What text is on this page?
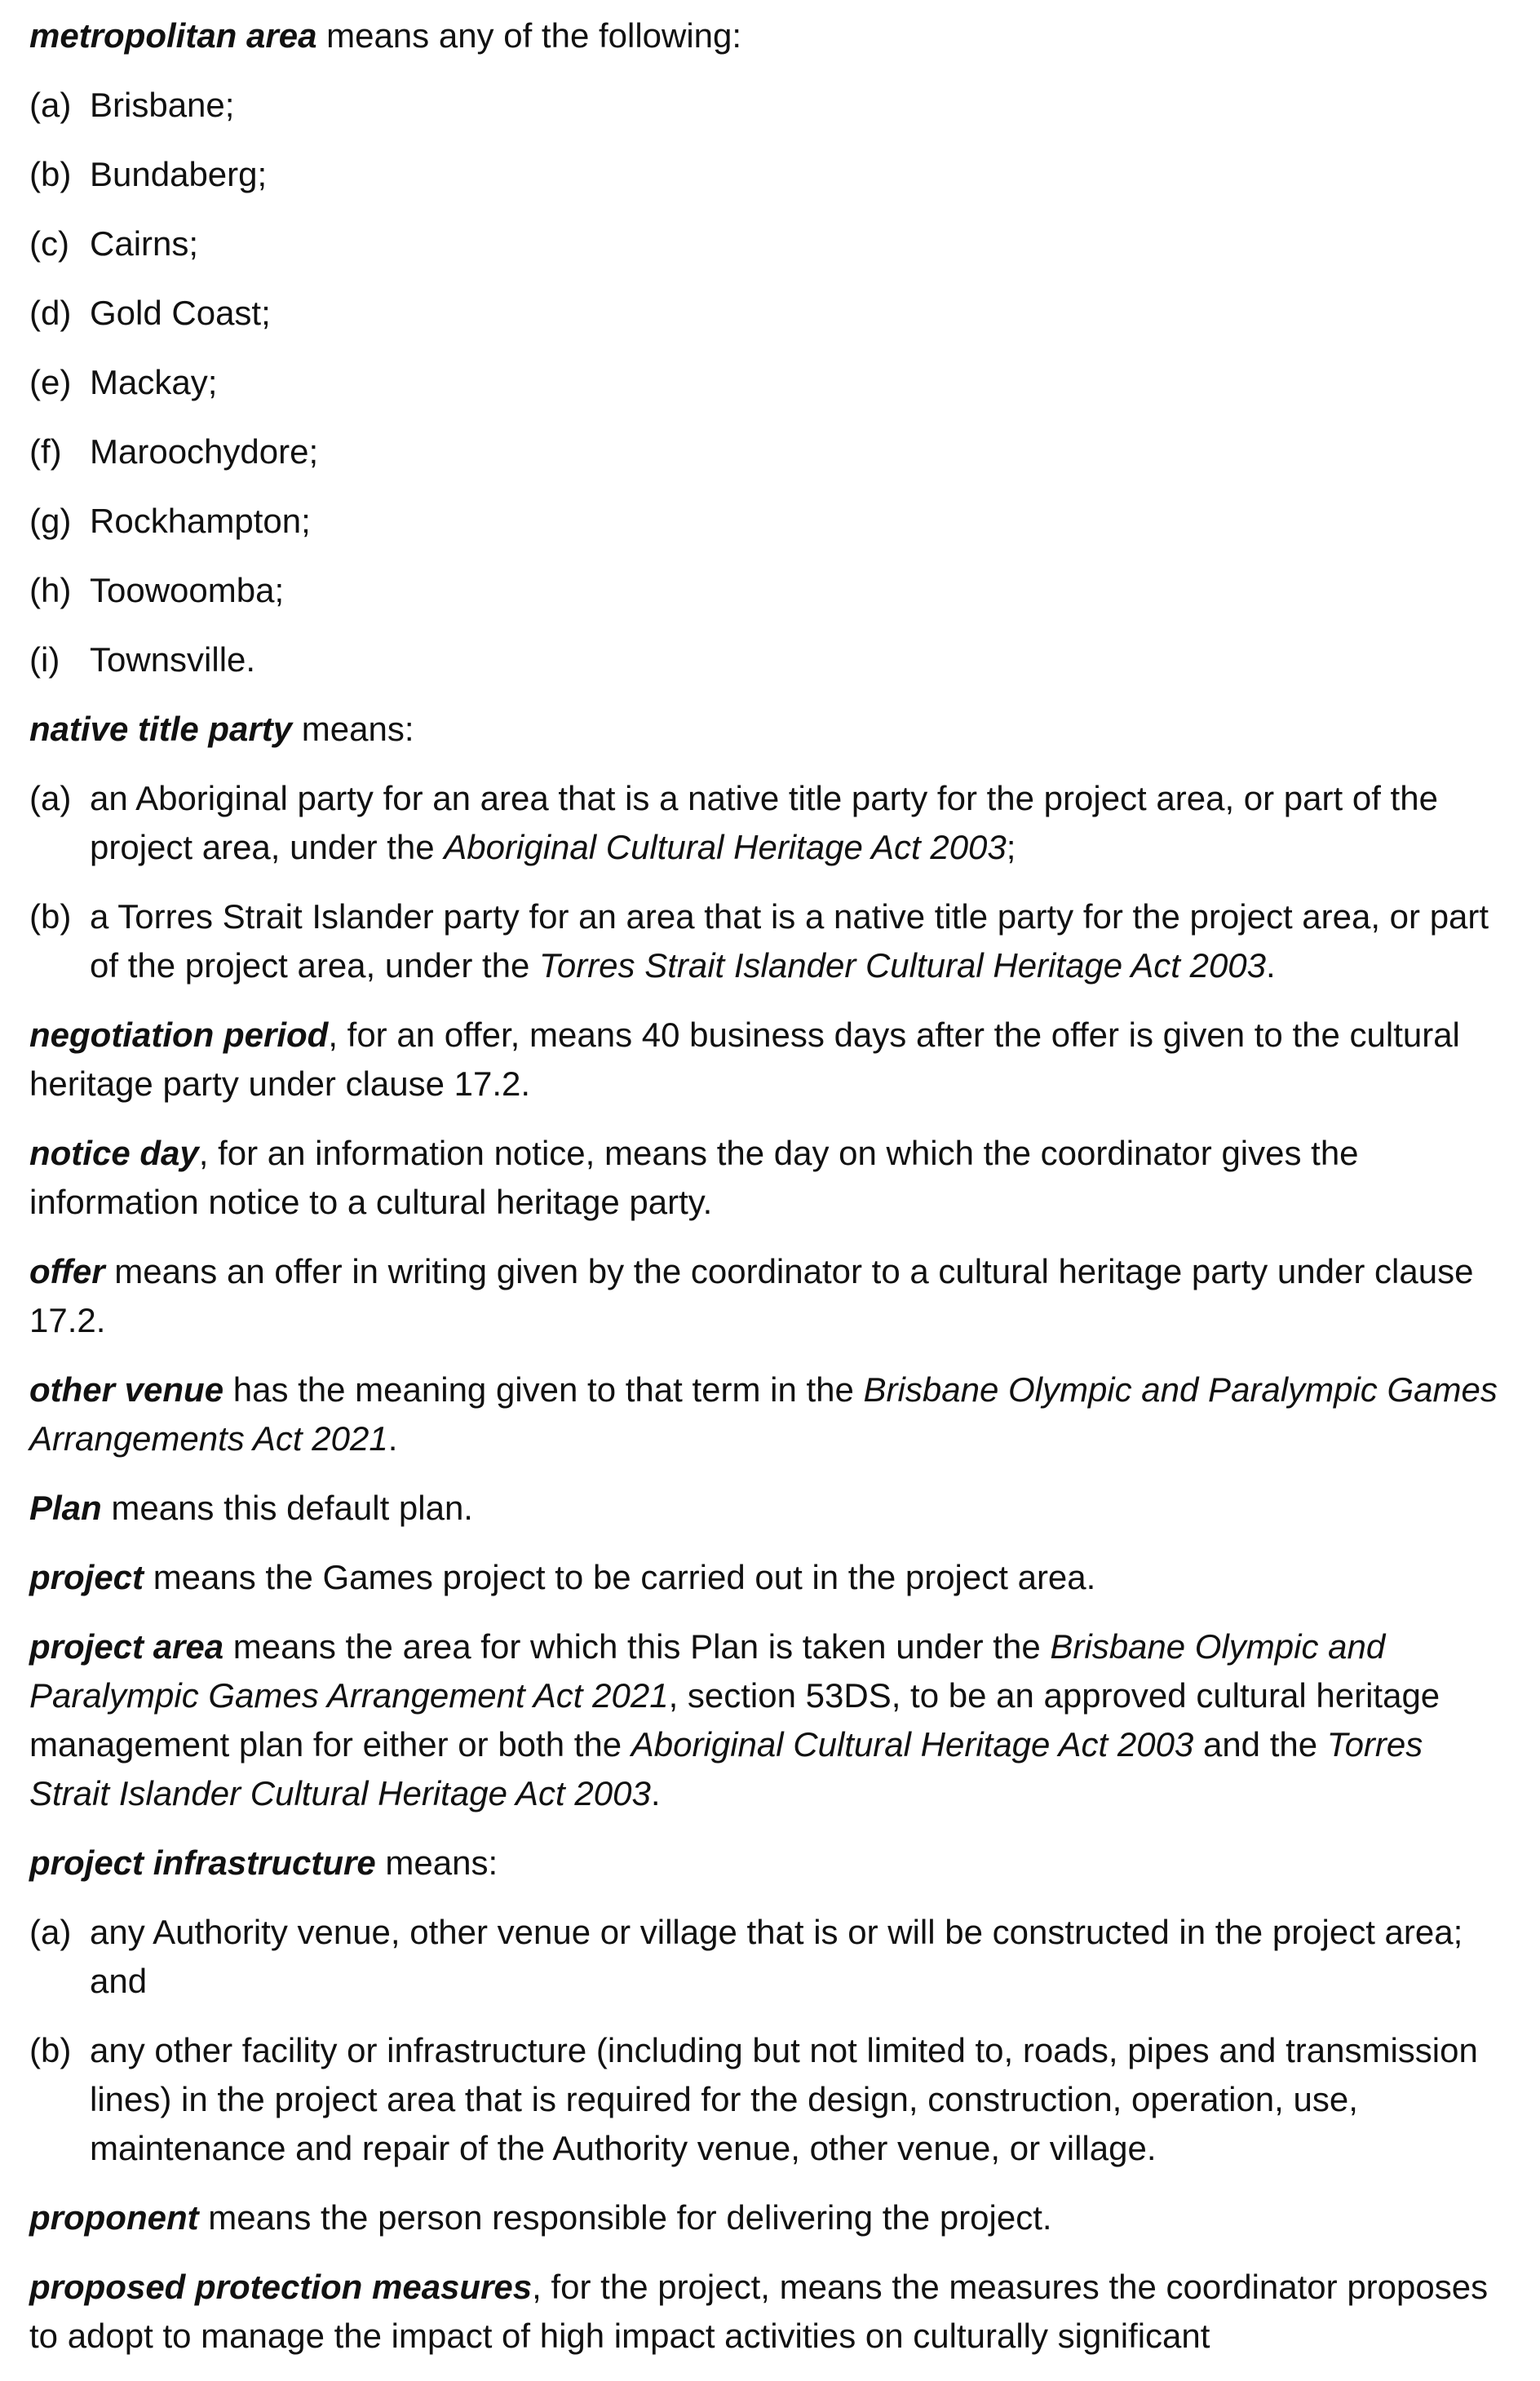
metropolitan area means any of the following:

(a) Brisbane;
(b) Bundaberg;
(c) Cairns;
(d) Gold Coast;
(e) Mackay;
(f) Maroochydore;
(g) Rockhampton;
(h) Toowoomba;
(i) Townsville.

native title party means:

(a) an Aboriginal party for an area that is a native title party for the project area, or part of the project area, under the Aboriginal Cultural Heritage Act 2003;
(b) a Torres Strait Islander party for an area that is a native title party for the project area, or part of the project area, under the Torres Strait Islander Cultural Heritage Act 2003.

negotiation period, for an offer, means 40 business days after the offer is given to the cultural heritage party under clause 17.2.

notice day, for an information notice, means the day on which the coordinator gives the information notice to a cultural heritage party.

offer means an offer in writing given by the coordinator to a cultural heritage party under clause 17.2.

other venue has the meaning given to that term in the Brisbane Olympic and Paralympic Games Arrangements Act 2021.

Plan means this default plan.

project means the Games project to be carried out in the project area.

project area means the area for which this Plan is taken under the Brisbane Olympic and Paralympic Games Arrangement Act 2021, section 53DS, to be an approved cultural heritage management plan for either or both the Aboriginal Cultural Heritage Act 2003 and the Torres Strait Islander Cultural Heritage Act 2003.

project infrastructure means:

(a) any Authority venue, other venue or village that is or will be constructed in the project area; and
(b) any other facility or infrastructure (including but not limited to, roads, pipes and transmission lines) in the project area that is required for the design, construction, operation, use, maintenance and repair of the Authority venue, other venue, or village.

proponent means the person responsible for delivering the project.

proposed protection measures, for the project, means the measures the coordinator proposes to adopt to manage the impact of high impact activities on culturally significant
